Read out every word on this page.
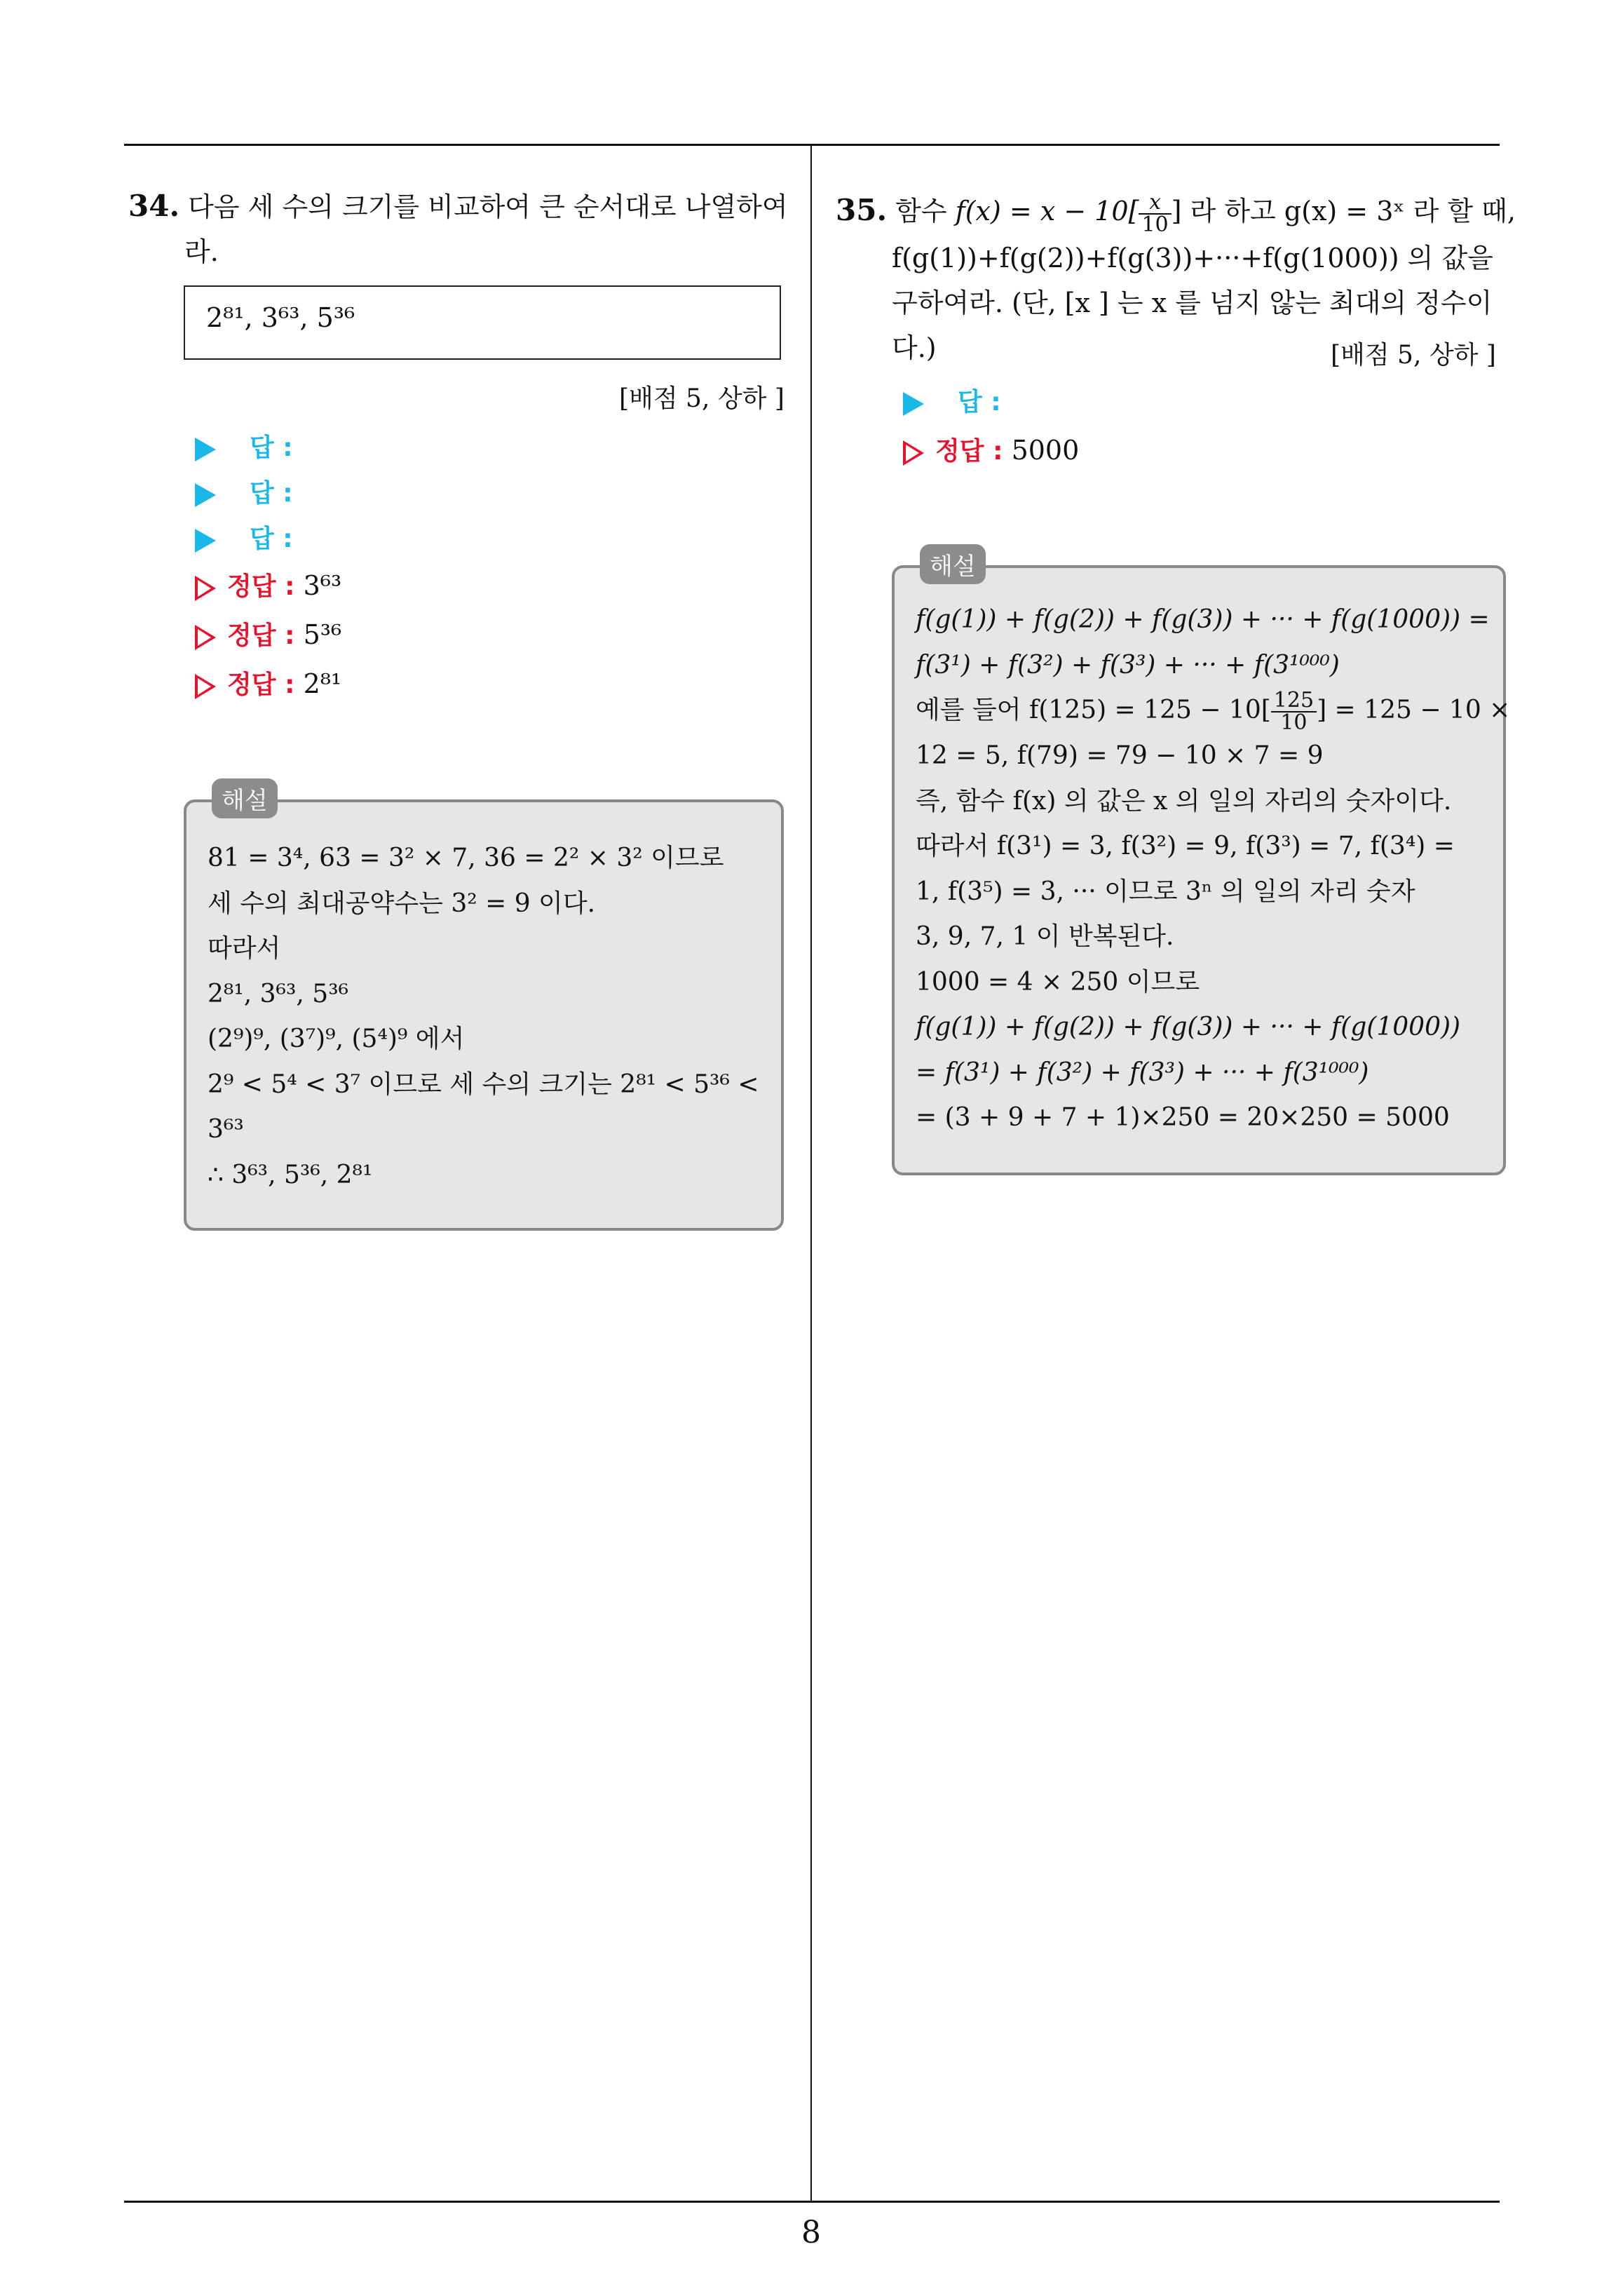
34. 다음 세 수의 크기를 비교하여 큰 순서대로 나열하여
라.
2⁸¹, 3⁶³, 5³⁶
[배점 5, 상하 ]
답 :
답 :
답 :
정답 : 3⁶³
정답 : 5³⁶
정답 : 2⁸¹
81 = 3⁴, 63 = 3² × 7, 36 = 2² × 3² 이므로
세 수의 최대공약수는 3² = 9 이다.
따라서
2⁸¹, 3⁶³, 5³⁶
(2⁹)⁹, (3⁷)⁹, (5⁴)⁹ 에서
2⁹ < 5⁴ < 3⁷ 이므로 세 수의 크기는 2⁸¹ < 5³⁶ <
3⁶³
∴ 3⁶³, 5³⁶, 2⁸¹
해설
35. 함수 $f(x) = x - 10[ \frac{x}{10}$ ] 라 하고 g(x) = 3ˣ 라 할 때,
f(g(1))+f(g(2))+f(g(3))+···+f(g(1000)) 의 값을
구하여라. (단, [x ] 는 x 를 넘지 않는 최대의 정수이
다.)	[배점 5, 상하 ]
답 :
정답 : 5000
f(g(1)) + f(g(2)) + f(g(3)) + ··· + f(g(1000)) =
f(3¹) + f(3²) + f(3³) + ··· + f(3¹⁰⁰⁰)
예를 들어 $f(125) = 125 - 10[ \frac{125}{10}$ ] = 125 − 10 ×
12 = 5, f(79) = 79 − 10 × 7 = 9
즉, 함수 f(x) 의 값은 x 의 일의 자리의 숫자이다.
따라서 f(3¹) = 3, f(3²) = 9, f(3³) = 7, f(3⁴) =
1, f(3⁵) = 3, ··· 이므로 3ⁿ 의 일의 자리 숫자
3, 9, 7, 1 이 반복된다.
1000 = 4 × 250 이므로
f(g(1)) + f(g(2)) + f(g(3)) + ··· + f(g(1000))
= f(3¹) + f(3²) + f(3³) + ··· + f(3¹⁰⁰⁰)
= (3 + 9 + 7 + 1)×250 = 20×250 = 5000
해설
8
